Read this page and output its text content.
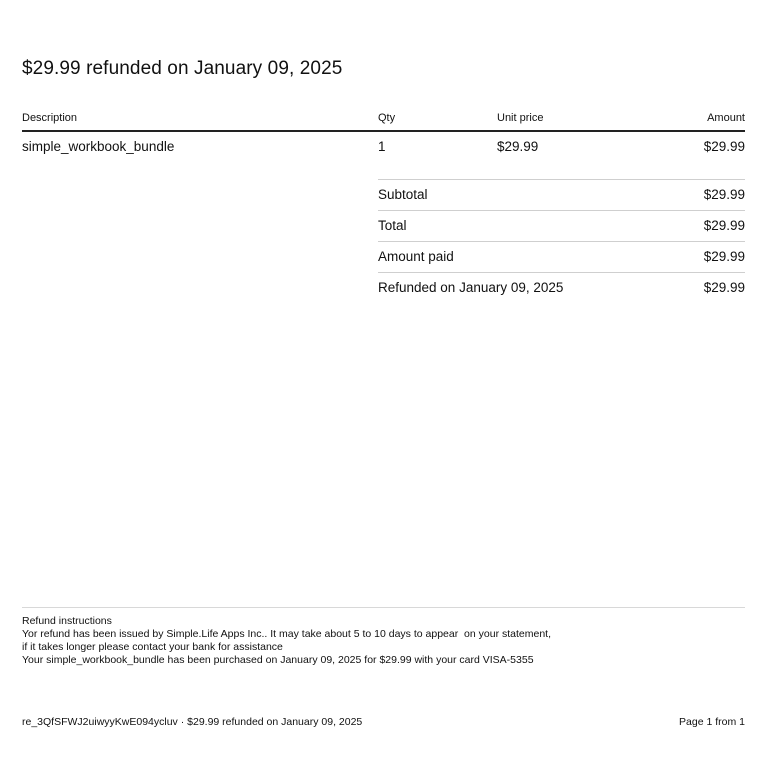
$29.99 refunded on January 09, 2025
Description	Qty	Unit price	Amount
simple_workbook_bundle	1	$29.99	$29.99
Subtotal	$29.99
Total	$29.99
Amount paid	$29.99
Refunded on January 09, 2025	$29.99
Refund instructions
Yor refund has been issued by Simple.Life Apps Inc.. It may take about 5 to 10 days to appear  on your statement,
if it takes longer please contact your bank for assistance
Your simple_workbook_bundle has been purchased on January 09, 2025 for $29.99 with your card VISA-5355
re_3QfSFWJ2uiwyyKwE094ycluv · $29.99 refunded on January 09, 2025	Page 1 from 1
